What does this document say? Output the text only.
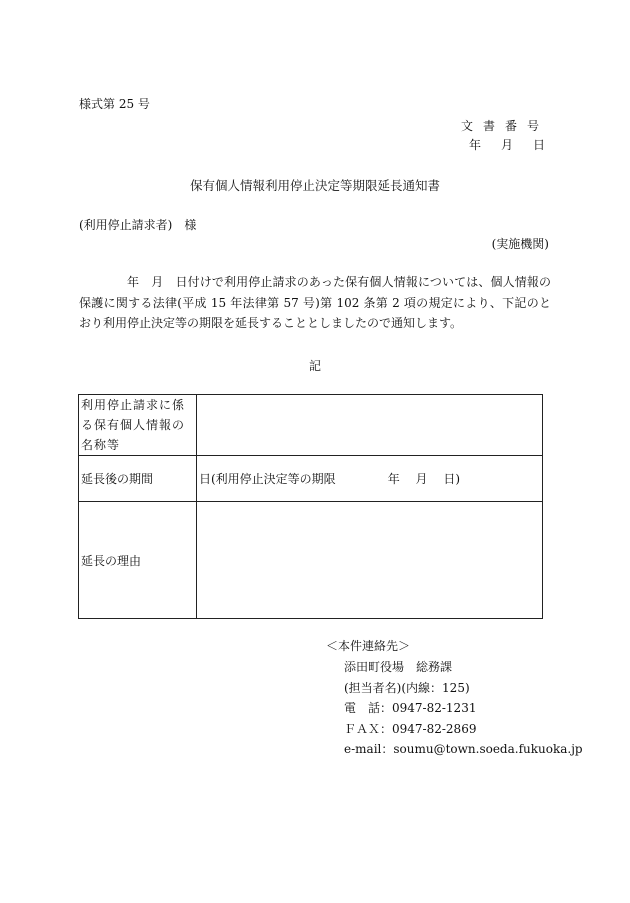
様式第 25 号
文書番号
年　月　日
保有個人情報利用停止決定等期限延長通知書
(利用停止請求者)　様
(実施機関)
年　月　日付けで利用停止請求のあった保有個人情報については、個人情報の保護に関する法律(平成 15 年法律第 57 号)第 102 条第 2 項の規定により、下記のとおり利用停止決定等の期限を延長することとしましたので通知します。
記
利用停止請求に係る保有個人情報の名称等	
延長後の期間	日(利用停止決定等の期限 年　 月　 日)
延長の理由	
＜本件連絡先＞
添田町役場　総務課
(担当者名)(内線：125)
電　話：0947-82-1231
ＦＡＸ：0947-82-2869
e-mail：soumu@town.soeda.fukuoka.jp
